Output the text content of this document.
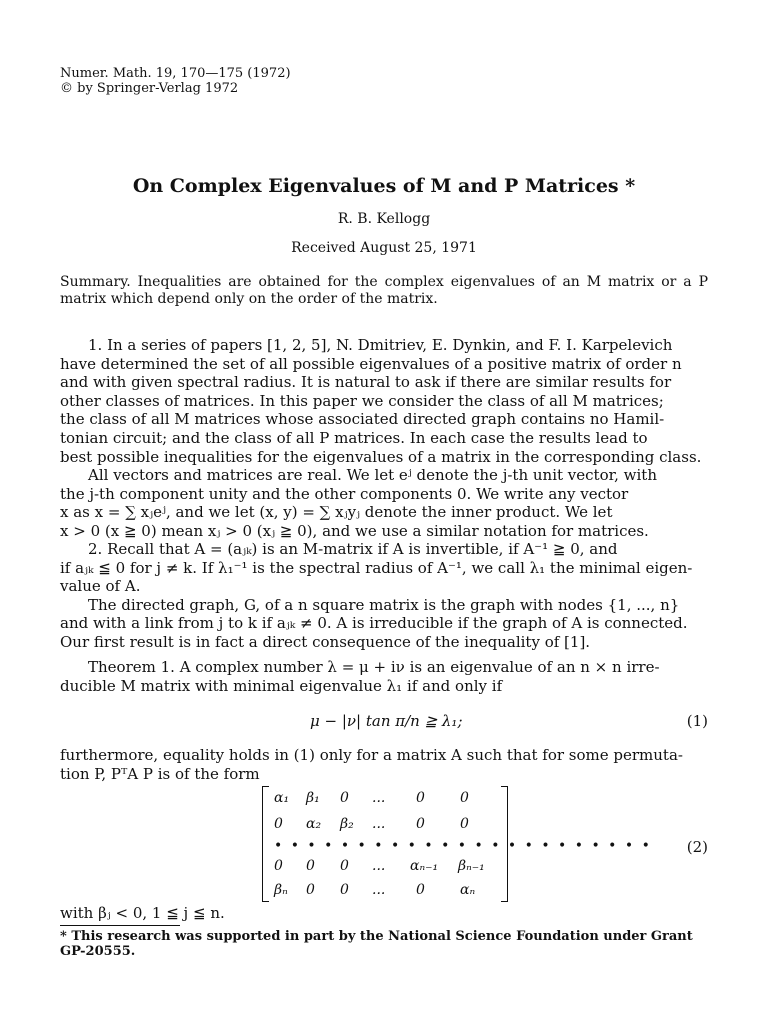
Numer. Math. 19, 170—175 (1972)
© by Springer-Verlag 1972
On Complex Eigenvalues of M and P Matrices *
R. B. Kellogg
Received August 25, 1971
Summary. Inequalities are obtained for the complex eigenvalues of an M matrix or a P matrix which depend only on the order of the matrix.
1. In a series of papers [1, 2, 5], N. Dmitriev, E. Dynkin, and F. I. Karpelevich
have determined the set of all possible eigenvalues of a positive matrix of order n
and with given spectral radius. It is natural to ask if there are similar results for
other classes of matrices. In this paper we consider the class of all M matrices;
the class of all M matrices whose associated directed graph contains no Hamil-
tonian circuit; and the class of all P matrices. In each case the results lead to
best possible inequalities for the eigenvalues of a matrix in the corresponding class.
All vectors and matrices are real. We let eʲ denote the j-th unit vector, with
the j-th component unity and the other components 0. We write any vector
x as x = ∑ xⱼeʲ, and we let (x, y) = ∑ xⱼyⱼ denote the inner product. We let
x > 0 (x ≧ 0) mean xⱼ > 0 (xⱼ ≧ 0), and we use a similar notation for matrices.
2. Recall that A = (aⱼₖ) is an M-matrix if A is invertible, if A⁻¹ ≧ 0, and
if aⱼₖ ≦ 0 for j ≠ k. If λ₁⁻¹ is the spectral radius of A⁻¹, we call λ₁ the minimal eigen-
value of A.
The directed graph, G, of a n square matrix is the graph with nodes {1, ..., n}
and with a link from j to k if aⱼₖ ≠ 0. A is irreducible if the graph of A is connected.
Our first result is in fact a direct consequence of the inequality of [1].
Theorem 1. A complex number λ = μ + iν is an eigenvalue of an n × n irre-
ducible M matrix with minimal eigenvalue λ₁ if and only if
μ − |ν| tan π/n ≧ λ₁;	(1)
furthermore, equality holds in (1) only for a matrix A such that for some permuta-
tion P, PᵀA P is of the form
α₁ β₁ 0 ... 0	0
0 α₂ β₂ ... 0	0
• • • • • • • • • • • • • • • • • • • • • • •
0 0 0 ... αₙ₋₁ βₙ₋₁
βₙ 0 0 ... 0	αₙ
(2)
with βⱼ < 0, 1 ≦ j ≦ n.
* This research was supported in part by the National Science Foundation under Grant GP-20555.
